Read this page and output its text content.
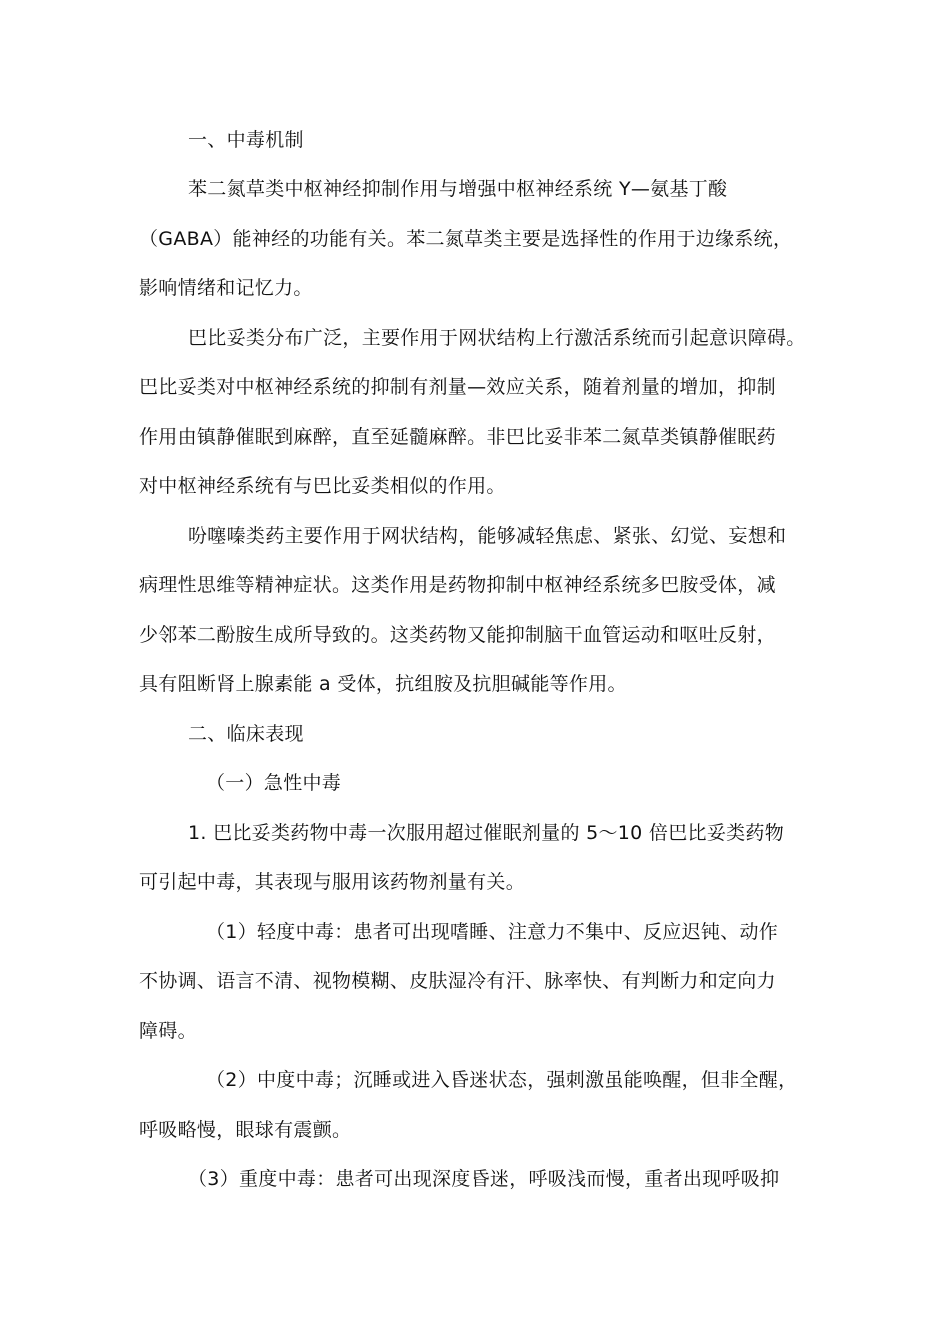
一、中毒机制
苯二氮草类中枢神经抑制作用与增强中枢神经系统 Y—氨基丁酸
（GABA）能神经的功能有关。苯二氮草类主要是选择性的作用于边缘系统，
影响情绪和记忆力。
巴比妥类分布广泛，主要作用于网状结构上行激活系统而引起意识障碍。
巴比妥类对中枢神经系统的抑制有剂量—效应关系，随着剂量的增加，抑制
作用由镇静催眠到麻醉，直至延髓麻醉。非巴比妥非苯二氮草类镇静催眠药
对中枢神经系统有与巴比妥类相似的作用。
吩噻嗪类药主要作用于网状结构，能够减轻焦虑、紧张、幻觉、妄想和
病理性思维等精神症状。这类作用是药物抑制中枢神经系统多巴胺受体，减
少邻苯二酚胺生成所导致的。这类药物又能抑制脑干血管运动和呕吐反射，
具有阻断肾上腺素能 a 受体，抗组胺及抗胆碱能等作用。
二、临床表现
（一）急性中毒
1. 巴比妥类药物中毒一次服用超过催眠剂量的 5～10 倍巴比妥类药物
可引起中毒，其表现与服用该药物剂量有关。
（1）轻度中毒：患者可出现嗜睡、注意力不集中、反应迟钝、动作
不协调、语言不清、视物模糊、皮肤湿冷有汗、脉率快、有判断力和定向力
障碍。
（2）中度中毒；沉睡或进入昏迷状态，强刺激虽能唤醒，但非全醒，
呼吸略慢，眼球有震颤。
（3）重度中毒：患者可出现深度昏迷，呼吸浅而慢，重者出现呼吸抑
